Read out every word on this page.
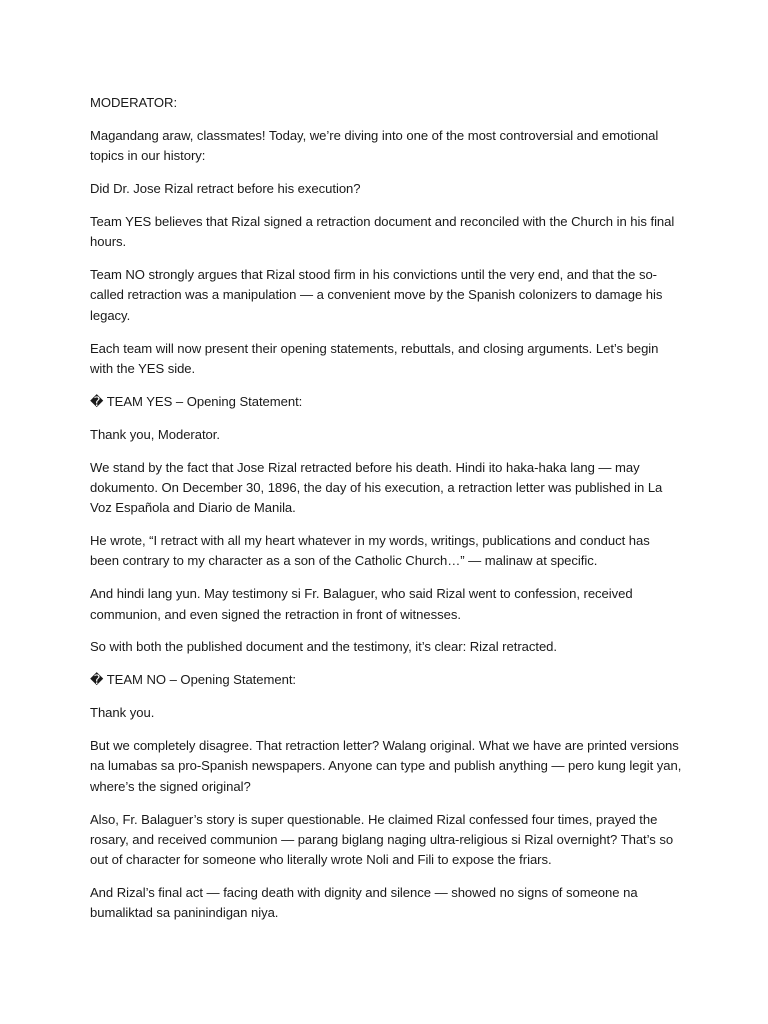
MODERATOR:

Magandang araw, classmates! Today, we’re diving into one of the most controversial and emotional topics in our history:

Did Dr. Jose Rizal retract before his execution?

Team YES believes that Rizal signed a retraction document and reconciled with the Church in his final hours.

Team NO strongly argues that Rizal stood firm in his convictions until the very end, and that the so-called retraction was a manipulation — a convenient move by the Spanish colonizers to damage his legacy.

Each team will now present their opening statements, rebuttals, and closing arguments. Let’s begin with the YES side.

� TEAM YES – Opening Statement:

Thank you, Moderator.

We stand by the fact that Jose Rizal retracted before his death. Hindi ito haka-haka lang — may dokumento. On December 30, 1896, the day of his execution, a retraction letter was published in La Voz Española and Diario de Manila.

He wrote, “I retract with all my heart whatever in my words, writings, publications and conduct has been contrary to my character as a son of the Catholic Church…” — malinaw at specific.

And hindi lang yun. May testimony si Fr. Balaguer, who said Rizal went to confession, received communion, and even signed the retraction in front of witnesses.

So with both the published document and the testimony, it’s clear: Rizal retracted.

� TEAM NO – Opening Statement:

Thank you.

But we completely disagree. That retraction letter? Walang original. What we have are printed versions na lumabas sa pro-Spanish newspapers. Anyone can type and publish anything — pero kung legit yan, where’s the signed original?

Also, Fr. Balaguer’s story is super questionable. He claimed Rizal confessed four times, prayed the rosary, and received communion — parang biglang naging ultra-religious si Rizal overnight? That’s so out of character for someone who literally wrote Noli and Fili to expose the friars.

And Rizal’s final act — facing death with dignity and silence — showed no signs of someone na bumaliktad sa paninindigan niya.
